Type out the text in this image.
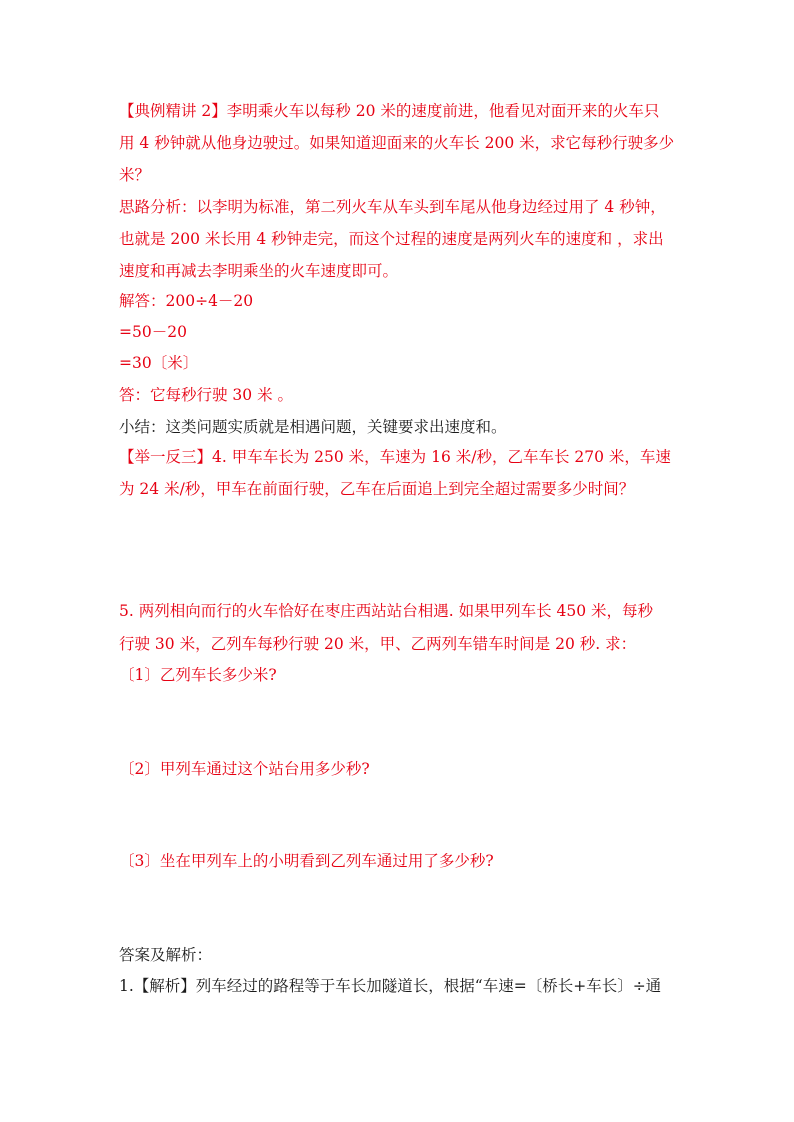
【典例精讲 2】李明乘火车以每秒 20 米的速度前进，他看见对面开来的火车只
用 4 秒钟就从他身边驶过。如果知道迎面来的火车长 200 米，求它每秒行驶多少
米？
思路分析：以李明为标准，第二列火车从车头到车尾从他身边经过用了 4 秒钟，
也就是 200 米长用 4 秒钟走完，而这个过程的速度是两列火车的速度和 ，求出
速度和再减去李明乘坐的火车速度即可。
解答：200÷4－20
=50－20
=30〔米〕
答：它每秒行驶 30 米 。
小结：这类问题实质就是相遇问题，关键要求出速度和。
【举一反三】4. 甲车车长为 250 米，车速为 16 米/秒，乙车车长 270 米，车速
为 24 米/秒，甲车在前面行驶，乙车在后面追上到完全超过需要多少时间？
5. 两列相向而行的火车恰好在枣庄西站站台相遇. 如果甲列车长 450 米，每秒
行驶 30 米，乙列车每秒行驶 20 米，甲、乙两列车错车时间是 20 秒. 求：
〔1〕乙列车长多少米?
〔2〕甲列车通过这个站台用多少秒?
〔3〕坐在甲列车上的小明看到乙列车通过用了多少秒?
答案及解析：
1.【解析】列车经过的路程等于车长加隧道长，根据“车速=〔桥长+车长〕÷通
